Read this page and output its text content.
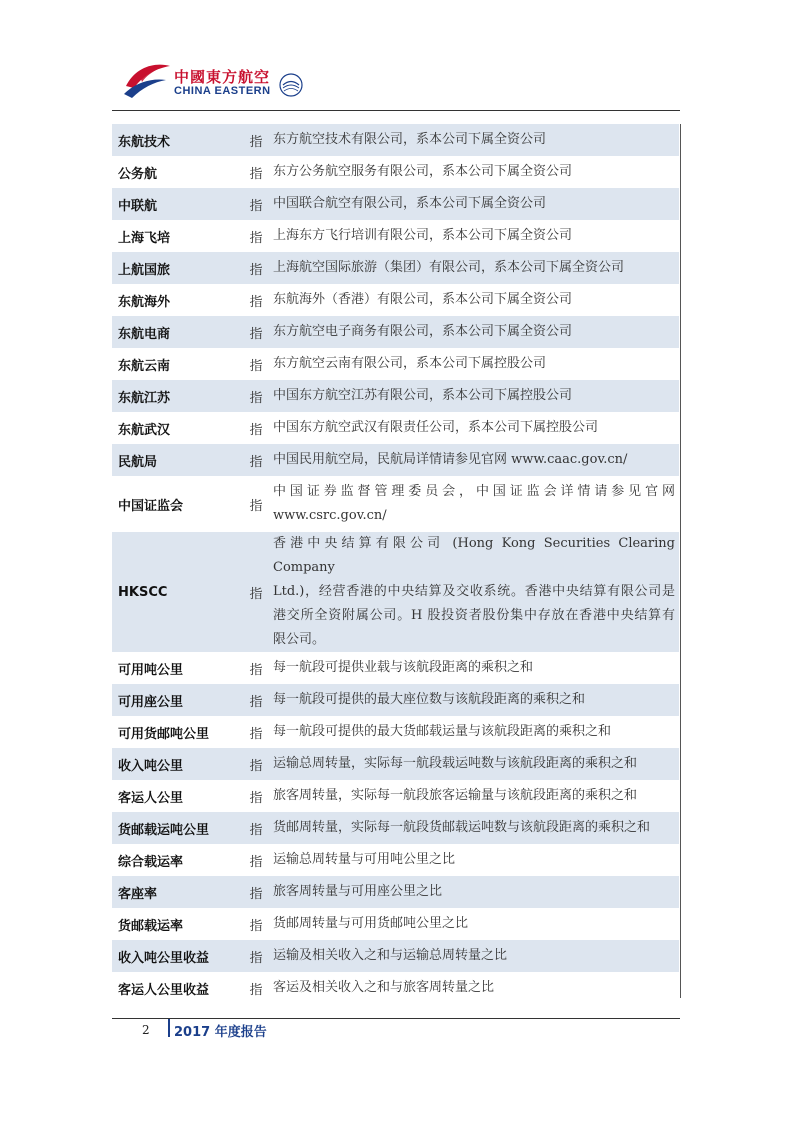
中國東方航空
CHINA EASTERN
东航技术	指	东方航空技术有限公司，系本公司下属全资公司
公务航	指	东方公务航空服务有限公司，系本公司下属全资公司
中联航	指	中国联合航空有限公司，系本公司下属全资公司
上海飞培	指	上海东方飞行培训有限公司，系本公司下属全资公司
上航国旅	指	上海航空国际旅游（集团）有限公司，系本公司下属全资公司
东航海外	指	东航海外（香港）有限公司，系本公司下属全资公司
东航电商	指	东方航空电子商务有限公司，系本公司下属全资公司
东航云南	指	东方航空云南有限公司，系本公司下属控股公司
东航江苏	指	中国东方航空江苏有限公司，系本公司下属控股公司
东航武汉	指	中国东方航空武汉有限责任公司，系本公司下属控股公司
民航局	指	中国民用航空局，民航局详情请参见官网 www.caac.gov.cn/
中国证监会	指	中国证券监督管理委员会，中国证监会详情请参见官网
www.csrc.gov.cn/

HKSCC	指	香港中央结算有限公司 (Hong Kong Securities Clearing Company
Ltd.)，经营香港的中央结算及交收系统。香港中央结算有限公司是
港交所全资附属公司。H 股投资者股份集中存放在香港中央结算有
限公司。

可用吨公里	指	每一航段可提供业载与该航段距离的乘积之和
可用座公里	指	每一航段可提供的最大座位数与该航段距离的乘积之和
可用货邮吨公里	指	每一航段可提供的最大货邮载运量与该航段距离的乘积之和
收入吨公里	指	运输总周转量，实际每一航段载运吨数与该航段距离的乘积之和
客运人公里	指	旅客周转量，实际每一航段旅客运输量与该航段距离的乘积之和
货邮载运吨公里	指	货邮周转量，实际每一航段货邮载运吨数与该航段距离的乘积之和
综合载运率	指	运输总周转量与可用吨公里之比
客座率	指	旅客周转量与可用座公里之比
货邮载运率	指	货邮周转量与可用货邮吨公里之比
收入吨公里收益	指	运输及相关收入之和与运输总周转量之比
客运人公里收益	指	客运及相关收入之和与旅客周转量之比
2 2017 年度报告
